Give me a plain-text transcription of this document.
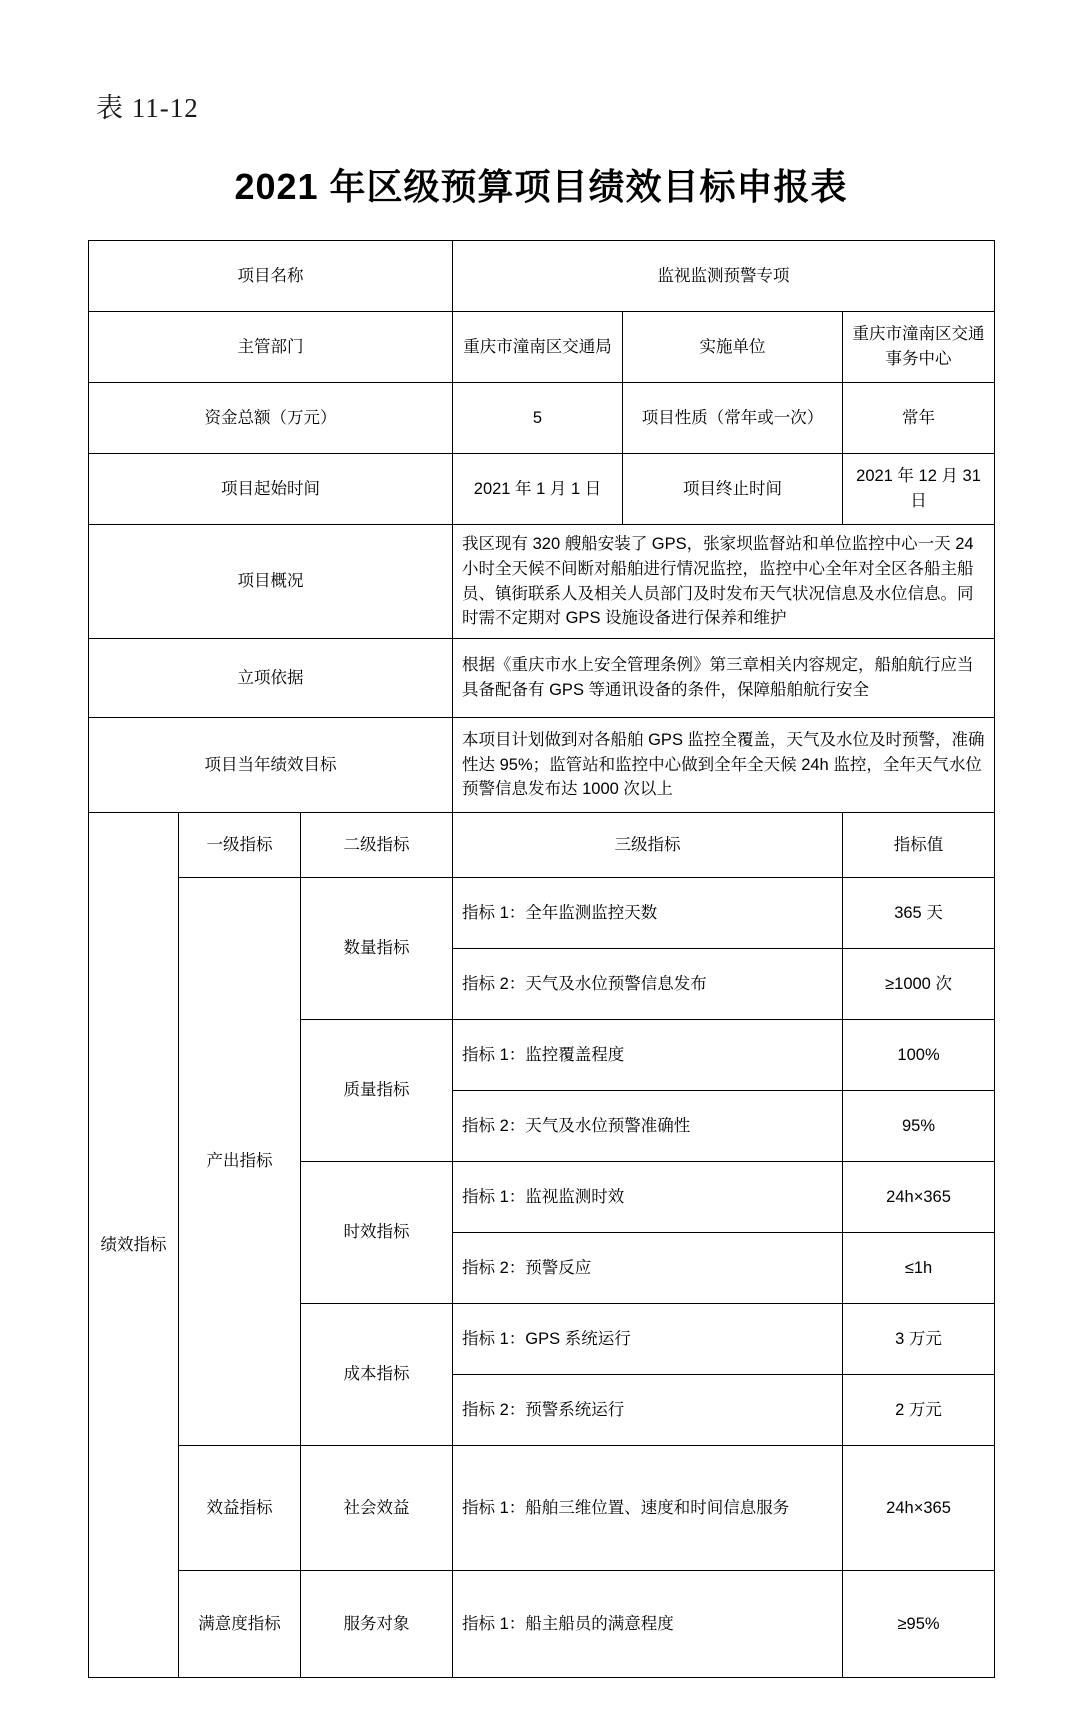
表 11-12
2021 年区级预算项目绩效目标申报表
项目名称			监视监测预警专项		
主管部门			重庆市潼南区交通局	实施单位	重庆市潼南区交通事务中心
资金总额（万元）			5	项目性质（常年或一次）	常年
项目起始时间			2021 年 1 月 1 日	项目终止时间	2021 年 12 月 31 日
项目概况			我区现有 320 艘船安装了 GPS，张家坝监督站和单位监控中心一天 24 小时全天候不间断对船舶进行情况监控，监控中心全年对全区各船主船员、镇街联系人及相关人员部门及时发布天气状况信息及水位信息。同时需不定期对 GPS 设施设备进行保养和维护		
立项依据			根据《重庆市水上安全管理条例》第三章相关内容规定，船舶航行应当具备配备有 GPS 等通讯设备的条件，保障船舶航行安全		
项目当年绩效目标			本项目计划做到对各船舶 GPS 监控全覆盖，天气及水位及时预警，准确性达 95%；监管站和监控中心做到全年全天候 24h 监控，全年天气水位预警信息发布达 1000 次以上		
绩效指标	一级指标	二级指标	三级指标		指标值
	产出指标	数量指标	指标 1：全年监测监控天数		365 天
			指标 2：天气及水位预警信息发布		≥1000 次
		质量指标	指标 1：监控覆盖程度		100%
			指标 2：天气及水位预警准确性		95%
		时效指标	指标 1：监视监测时效		24h×365
			指标 2：预警反应		≤1h
		成本指标	指标 1：GPS 系统运行		3 万元
			指标 2：预警系统运行		2 万元
	效益指标	社会效益	指标 1：船舶三维位置、速度和时间信息服务		24h×365
	满意度指标	服务对象	指标 1：船主船员的满意程度		≥95%
